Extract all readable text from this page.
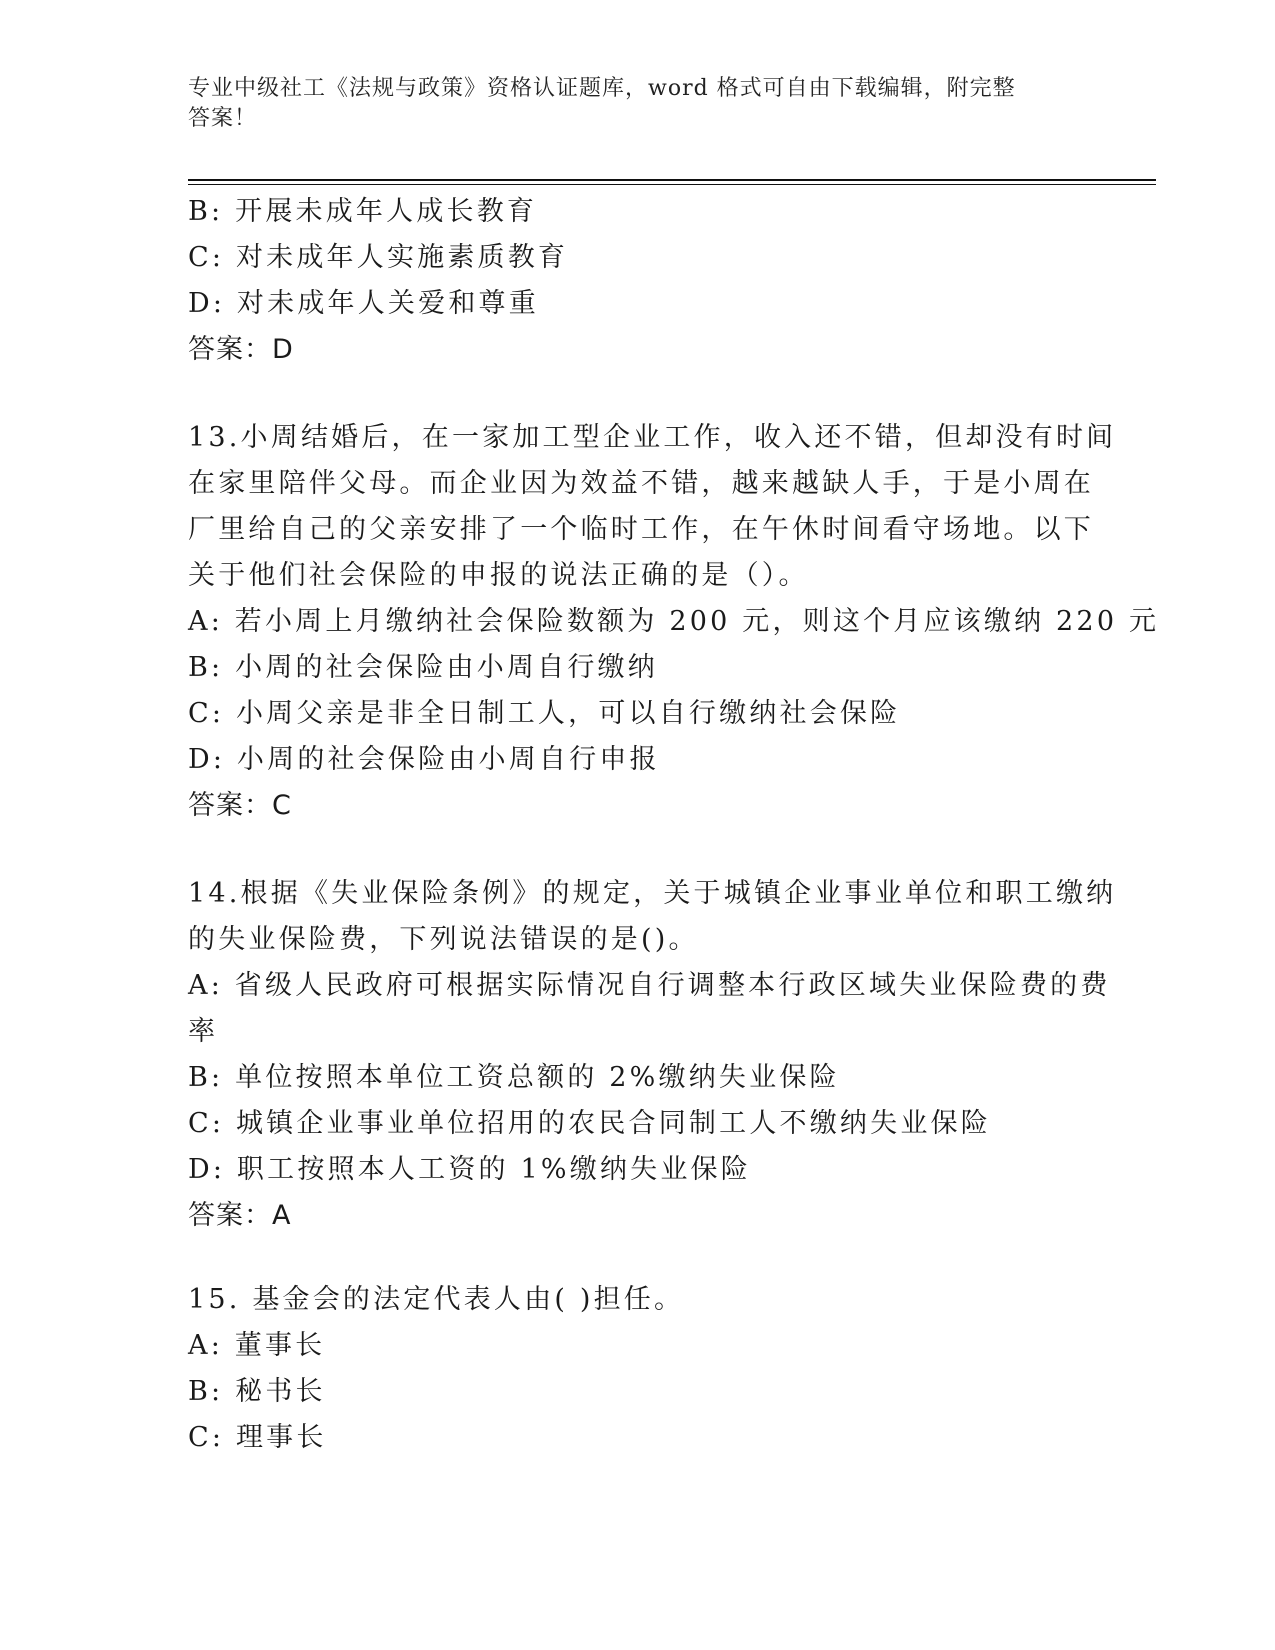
专业中级社工《法规与政策》资格认证题库，word 格式可自由下载编辑，附完整
答案！
B: 开展未成年人成长教育
C: 对未成年人实施素质教育
D: 对未成年人关爱和尊重
答案：D
13.小周结婚后，在一家加工型企业工作，收入还不错，但却没有时间
在家里陪伴父母。而企业因为效益不错，越来越缺人手，于是小周在
厂里给自己的父亲安排了一个临时工作，在午休时间看守场地。以下
关于他们社会保险的申报的说法正确的是（）。
A: 若小周上月缴纳社会保险数额为 200 元，则这个月应该缴纳 220 元
B: 小周的社会保险由小周自行缴纳
C: 小周父亲是非全日制工人，可以自行缴纳社会保险
D: 小周的社会保险由小周自行申报
答案：C
14.根据《失业保险条例》的规定，关于城镇企业事业单位和职工缴纳
的失业保险费，下列说法错误的是()。
A: 省级人民政府可根据实际情况自行调整本行政区域失业保险费的费
率
B: 单位按照本单位工资总额的 2%缴纳失业保险
C: 城镇企业事业单位招用的农民合同制工人不缴纳失业保险
D: 职工按照本人工资的 1%缴纳失业保险
答案：A
15. 基金会的法定代表人由( )担任。
A: 董事长
B: 秘书长
C: 理事长
